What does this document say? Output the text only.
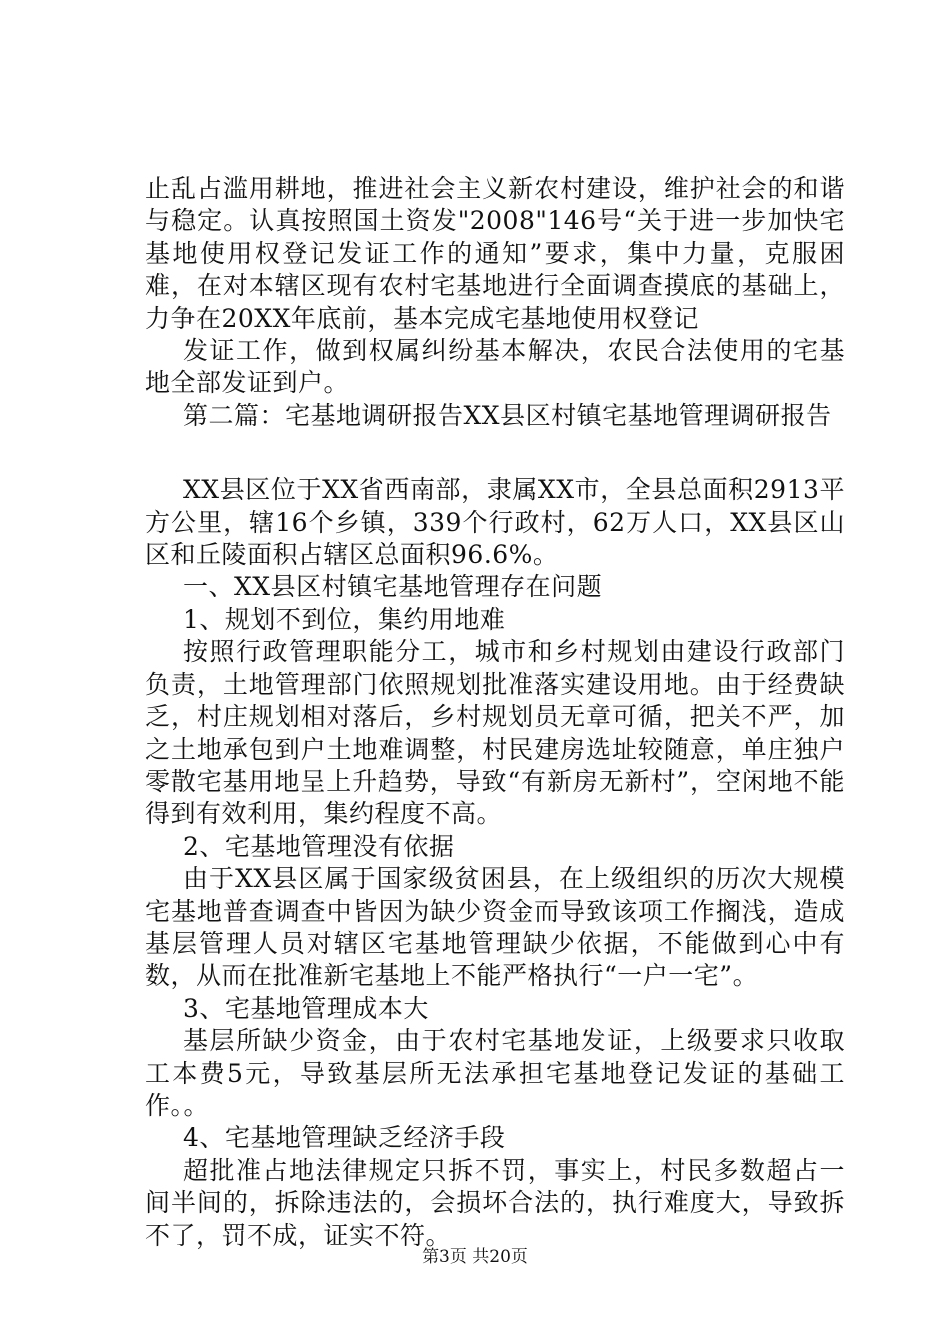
止乱占滥用耕地，推进社会主义新农村建设，维护社会的和谐与稳定。认真按照国土资发"2008"146号“关于进一步加快宅基地使用权登记发证工作的通知”要求，集中力量，克服困难，在对本辖区现有农村宅基地进行全面调查摸底的基础上，力争在20XX年底前，基本完成宅基地使用权登记

发证工作，做到权属纠纷基本解决，农民合法使用的宅基地全部发证到户。

第二篇：宅基地调研报告XX县区村镇宅基地管理调研报告

XX县区位于XX省西南部，隶属XX市，全县总面积2913平方公里，辖16个乡镇，339个行政村，62万人口，XX县区山区和丘陵面积占辖区总面积96.6%。

一、XX县区村镇宅基地管理存在问题

1、规划不到位，集约用地难

按照行政管理职能分工，城市和乡村规划由建设行政部门负责，土地管理部门依照规划批准落实建设用地。由于经费缺乏，村庄规划相对落后，乡村规划员无章可循，把关不严，加之土地承包到户土地难调整，村民建房选址较随意，单庄独户零散宅基用地呈上升趋势，导致“有新房无新村”，空闲地不能得到有效利用，集约程度不高。

2、宅基地管理没有依据

由于XX县区属于国家级贫困县，在上级组织的历次大规模宅基地普查调查中皆因为缺少资金而导致该项工作搁浅，造成基层管理人员对辖区宅基地管理缺少依据，不能做到心中有数，从而在批准新宅基地上不能严格执行“一户一宅”。

3、宅基地管理成本大

基层所缺少资金，由于农村宅基地发证，上级要求只收取工本费5元，导致基层所无法承担宅基地登记发证的基础工作。。

4、宅基地管理缺乏经济手段

超批准占地法律规定只拆不罚，事实上，村民多数超占一间半间的，拆除违法的，会损坏合法的，执行难度大，导致拆不了，罚不成，证实不符。

第3页 共20页
